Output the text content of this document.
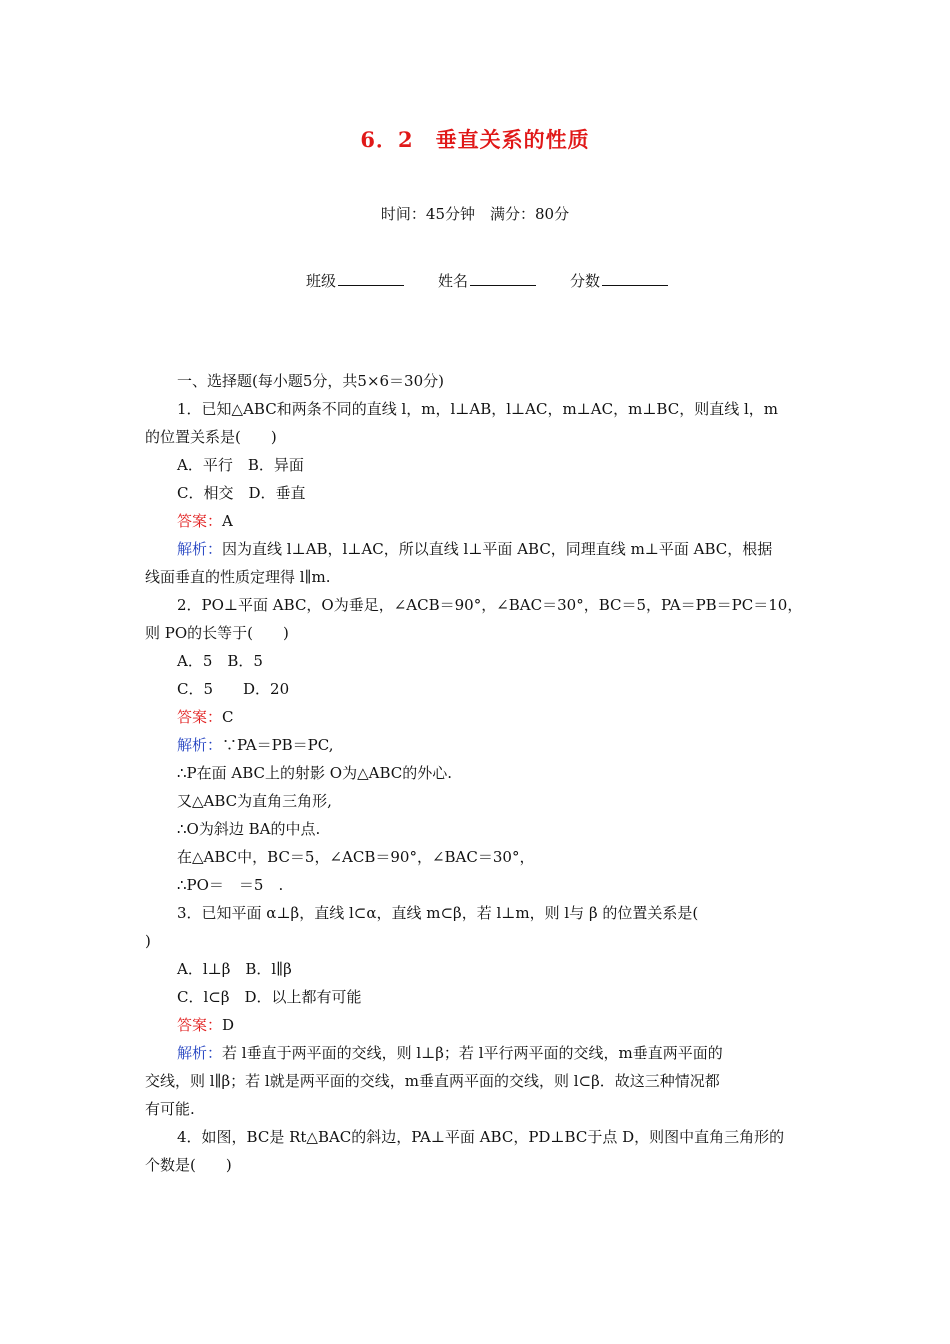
6．2　垂直关系的性质
时间：45分钟　满分：80分
班级	姓名	分数
一、选择题(每小题5分，共5×6＝30分)
1．已知△ABC和两条不同的直线 l，m，l⊥AB，l⊥AC，m⊥AC，m⊥BC，则直线 l，m
的位置关系是(　　)
A．平行　B．异面
C．相交　D．垂直
答案：A
解析：因为直线 l⊥AB，l⊥AC，所以直线 l⊥平面 ABC，同理直线 m⊥平面 ABC，根据
线面垂直的性质定理得 l∥m.
2．PO⊥平面 ABC，O为垂足，∠ACB＝90°，∠BAC＝30°，BC＝5，PA＝PB＝PC＝10，
则 PO的长等于(　　)
A．5　B．5
C．5　　D．20
答案：C
解析：∵PA＝PB＝PC,
∴P在面 ABC上的射影 O为△ABC的外心.
又△ABC为直角三角形,
∴O为斜边 BA的中点.
在△ABC中，BC＝5，∠ACB＝90°，∠BAC＝30°，
∴PO＝　＝5　.
3．已知平面 α⊥β，直线 l⊂α，直线 m⊂β，若 l⊥m，则 l与 β 的位置关系是(
)
A．l⊥β　B．l∥β
C．l⊂β　D．以上都有可能
答案：D
解析：若 l垂直于两平面的交线，则 l⊥β；若 l平行两平面的交线，m垂直两平面的
交线，则 l∥β；若 l就是两平面的交线，m垂直两平面的交线，则 l⊂β．故这三种情况都
有可能.
4．如图，BC是 Rt△BAC的斜边，PA⊥平面 ABC，PD⊥BC于点 D，则图中直角三角形的
个数是(　　)
